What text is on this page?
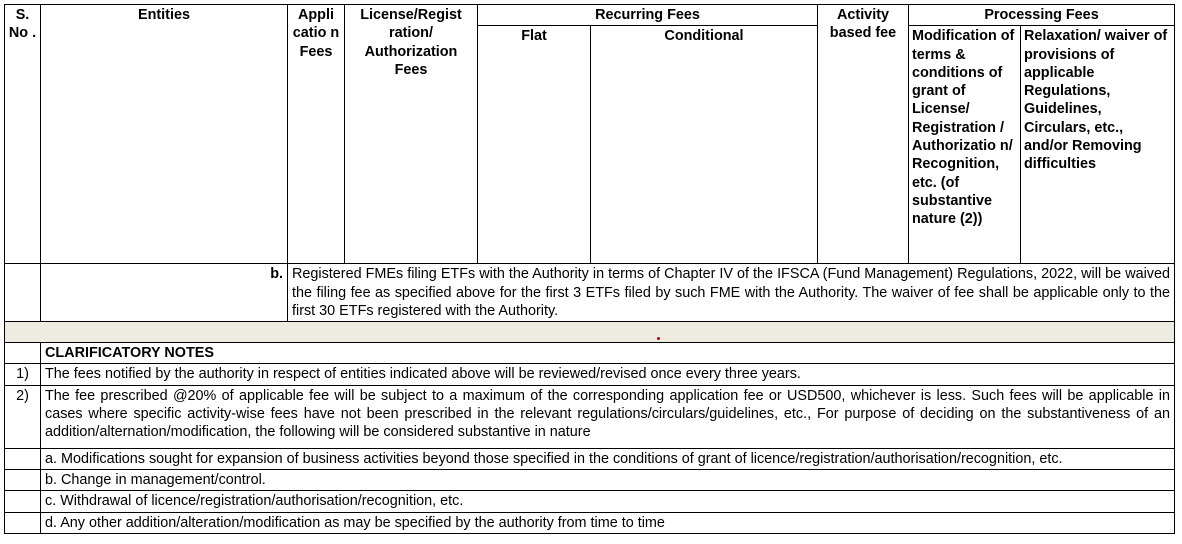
S. No .	Entities	Appli catio n Fees	License/Regist ration/ Authorization Fees	Recurring Fees		Activity based fee	Processing Fees	
				Flat	Conditional		Modification of terms & conditions of grant of License/ Registration / Authorizatio n/ Recognition, etc. (of substantive nature (2))	Relaxation/ waiver of provisions of applicable Regulations, Guidelines, Circulars, etc., and/or Removing difficulties
	b.	Registered FMEs filing ETFs with the Authority in terms of Chapter IV of the IFSCA (Fund Management) Regulations, 2022, will be waived the filing fee as specified above for the first 3 ETFs filed by such FME with the Authority. The waiver of fee shall be applicable only to the first 30 ETFs registered with the Authority.						

	CLARIFICATORY NOTES							
1)	The fees notified by the authority in respect of entities indicated above will be reviewed/revised once every three years.							
2)	The fee prescribed @20% of applicable fee will be subject to a maximum of the corresponding application fee or USD500, whichever is less. Such fees will be applicable in cases where specific activity-wise fees have not been prescribed in the relevant regulations/circulars/guidelines, etc., For purpose of deciding on the substantiveness of an addition/alternation/modification, the following will be considered substantive in nature							
	a. Modifications sought for expansion of business activities beyond those specified in the conditions of grant of licence/registration/authorisation/recognition, etc.							
	b. Change in management/control.							
	c. Withdrawal of licence/registration/authorisation/recognition, etc.							
	d. Any other addition/alteration/modification as may be specified by the authority from time to time							
